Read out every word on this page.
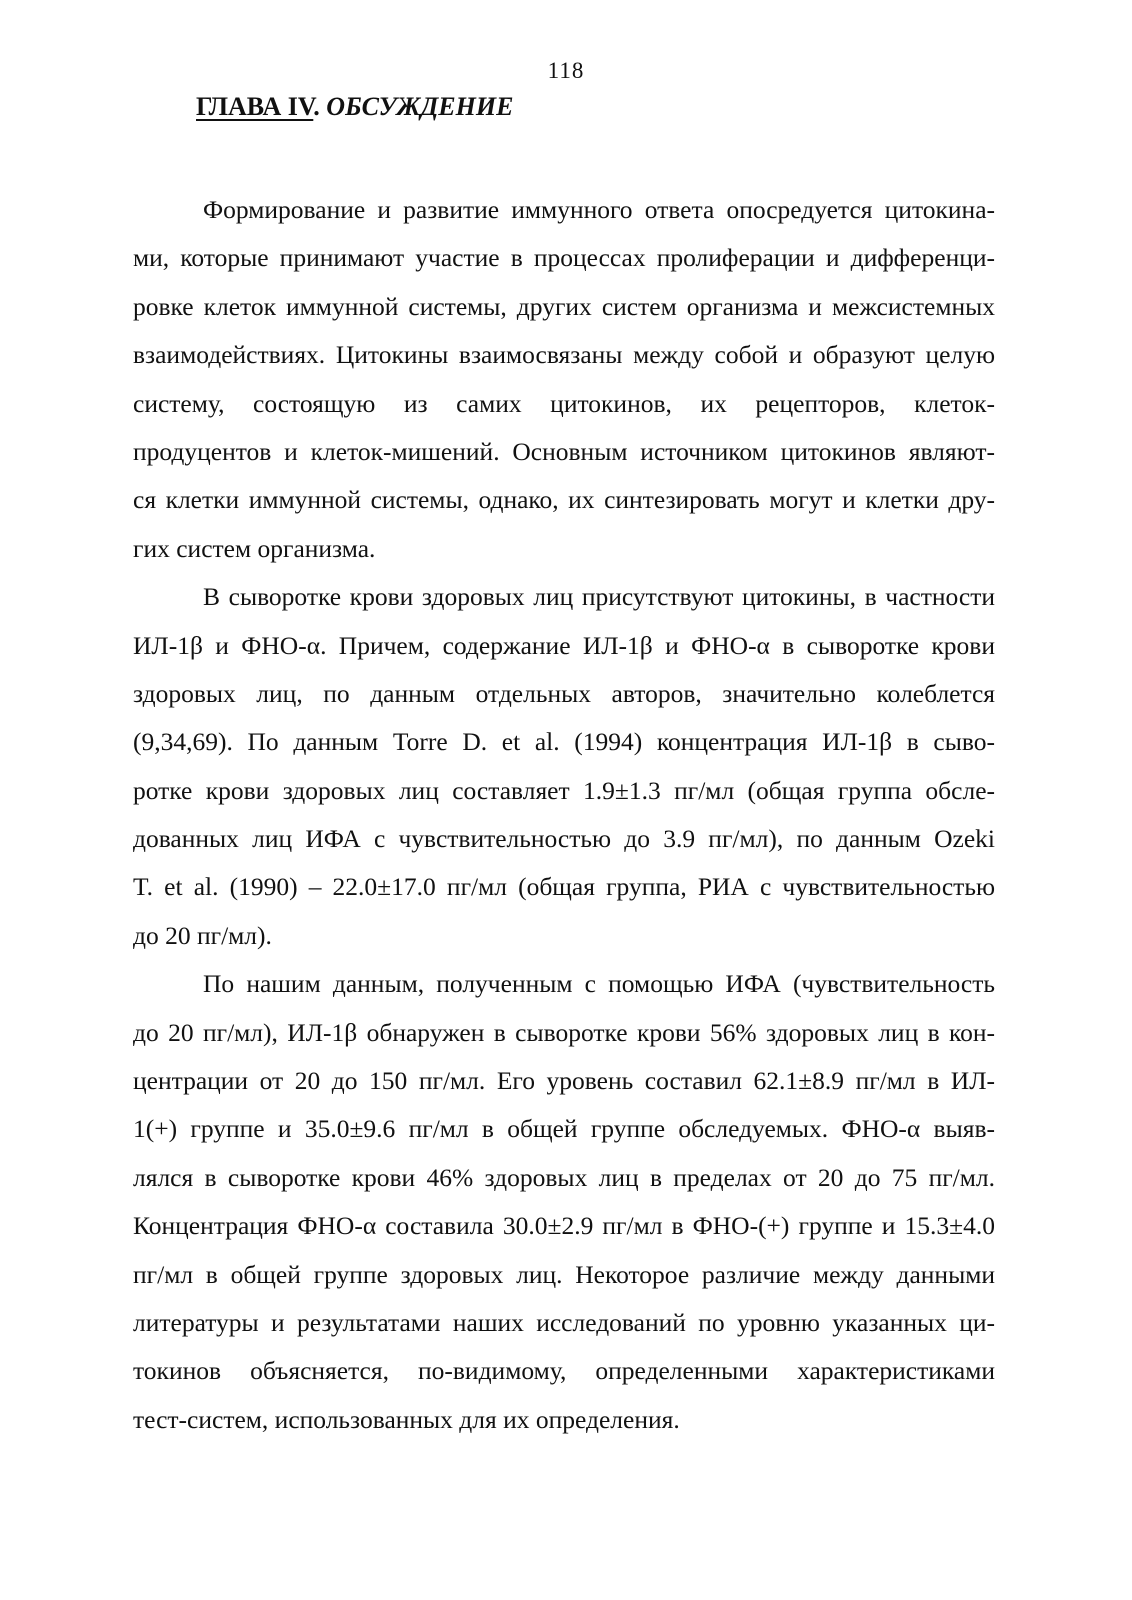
118
ГЛАВА IV. ОБСУЖДЕНИЕ
Формирование и развитие иммунного ответа опосредуется цитокина-
ми, которые принимают участие в процессах пролиферации и дифференци-
ровке клеток иммунной системы, других систем организма и межсистемных
взаимодействиях. Цитокины взаимосвязаны между собой и образуют целую
систему, состоящую из самих цитокинов, их рецепторов, клеток-
продуцентов и клеток-мишений. Основным источником цитокинов являют-
ся клетки иммунной системы, однако, их синтезировать могут и клетки дру-
гих систем организма.
В сыворотке крови здоровых лиц присутствуют цитокины, в частности
ИЛ-1β и ФНО-α. Причем, содержание ИЛ-1β и ФНО-α в сыворотке крови
здоровых лиц, по данным отдельных авторов, значительно колеблется
(9,34,69). По данным Torre D. et al. (1994) концентрация ИЛ-1β в сыво-
ротке крови здоровых лиц составляет 1.9±1.3 пг/мл (общая группа обсле-
дованных лиц ИФА с чувствительностью до 3.9 пг/мл), по данным Ozeki
T. et al. (1990) – 22.0±17.0 пг/мл (общая группа, РИА с чувствительностью
до 20 пг/мл).
По нашим данным, полученным с помощью ИФА (чувствительность
до 20 пг/мл), ИЛ-1β обнаружен в сыворотке крови 56% здоровых лиц в кон-
центрации от 20 до 150 пг/мл. Его уровень составил 62.1±8.9 пг/мл в ИЛ-
1(+) группе и 35.0±9.6 пг/мл в общей группе обследуемых. ФНО-α выяв-
лялся в сыворотке крови 46% здоровых лиц в пределах от 20 до 75 пг/мл.
Концентрация ФНО-α составила 30.0±2.9 пг/мл в ФНО-(+) группе и 15.3±4.0
пг/мл в общей группе здоровых лиц. Некоторое различие между данными
литературы и результатами наших исследований по уровню указанных ци-
токинов объясняется, по-видимому, определенными характеристиками
тест-систем, использованных для их определения.
